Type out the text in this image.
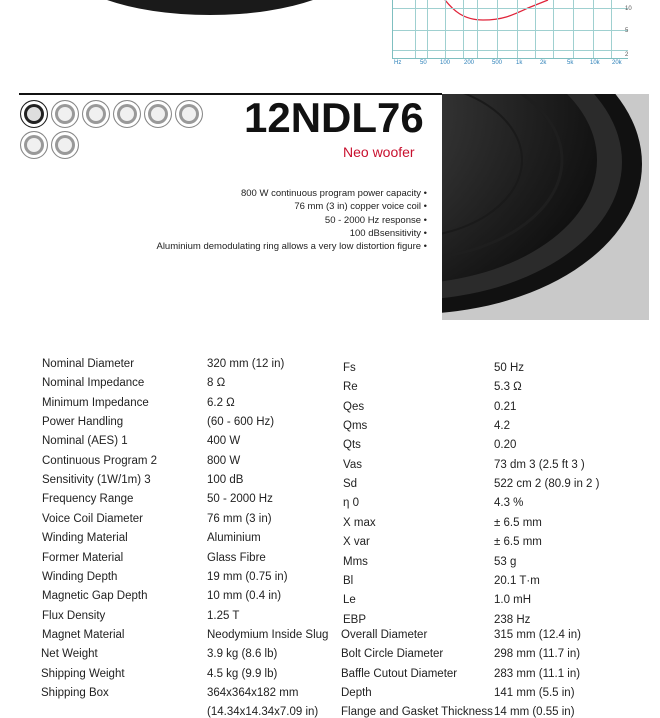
Hz	50 100 200	500 1k	2k	5k	10k 20k
10
5
2
12NDL76
Neo woofer
800 W continuous program power capacity •
76 mm (3 in) copper voice coil •
50 - 2000 Hz response •
100 dBsensitivity •
Aluminium demodulating ring allows a very low distortion figure •
Nominal Diameter	320 mm (12 in)
Nominal Impedance	8 Ω
Minimum Impedance	6.2 Ω
Power Handling	(60 - 600 Hz)
Nominal (AES) 1	400 W
Continuous Program 2	800 W
Sensitivity (1W/1m) 3	100 dB
Frequency Range	50 - 2000 Hz
Voice Coil Diameter	76 mm (3 in)
Winding Material	Aluminium
Former Material	Glass Fibre
Winding Depth	19 mm (0.75 in)
Magnetic Gap Depth	10 mm (0.4 in)
Flux Density	1.25 T
Magnet Material	Neodymium Inside Slug
Net Weight	3.9 kg (8.6 lb)
Shipping Weight	4.5 kg (9.9 lb)
Shipping Box	364x364x182 mm
(14.34x14.34x7.09 in)
Fs	50 Hz
Re	5.3 Ω
Qes	0.21
Qms	4.2
Qts	0.20
Vas	73 dm 3 (2.5 ft 3 )
Sd	522 cm 2 (80.9 in 2 )
η 0	4.3 %
X max	± 6.5 mm
X var	± 6.5 mm
Mms	53 g
Bl	20.1 T·m
Le	1.0 mH
EBP	238 Hz
Overall Diameter	315 mm (12.4 in)
Bolt Circle Diameter	298 mm (11.7 in)
Baffle Cutout Diameter	283 mm (11.1 in)
Depth	141 mm (5.5 in)
Flange and Gasket Thickness 14 mm (0.55 in)
